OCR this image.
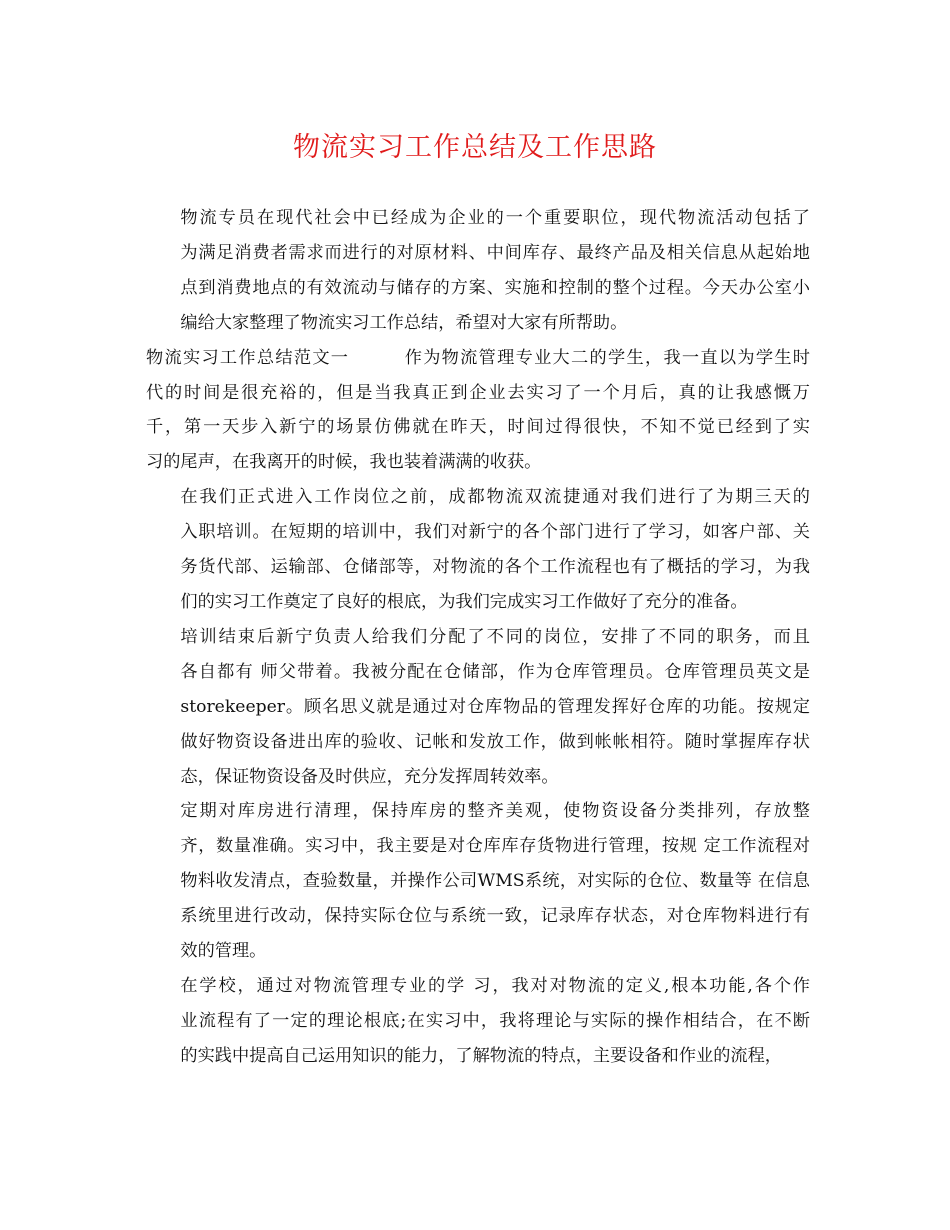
物流实习工作总结及工作思路

物流专员在现代社会中已经成为企业的一个重要职位，现代物流活动包括了
为满足消费者需求而进行的对原材料、中间库存、最终产品及相关信息从起始地
点到消费地点的有效流动与储存的方案、实施和控制的整个过程。今天办公室小
编给大家整理了物流实习工作总结，希望对大家有所帮助。

物流实习工作总结范文一　　　作为物流管理专业大二的学生，我一直以为学生时
代的时间是很充裕的，但是当我真正到企业去实习了一个月后，真的让我感慨万
千，第一天步入新宁的场景仿佛就在昨天，时间过得很快，不知不觉已经到了实
习的尾声，在我离开的时候，我也装着满满的收获。

在我们正式进入工作岗位之前，成都物流双流捷通对我们进行了为期三天的
入职培训。在短期的培训中，我们对新宁的各个部门进行了学习，如客户部、关
务货代部、运输部、仓储部等，对物流的各个工作流程也有了概括的学习，为我
们的实习工作奠定了良好的根底，为我们完成实习工作做好了充分的准备。

培训结束后新宁负责人给我们分配了不同的岗位，安排了不同的职务，而且
各自都有 师父带着。我被分配在仓储部，作为仓库管理员。仓库管理员英文是
storekeeper。顾名思义就是通过对仓库物品的管理发挥好仓库的功能。按规定
做好物资设备进出库的验收、记帐和发放工作，做到帐帐相符。随时掌握库存状
态，保证物资设备及时供应，充分发挥周转效率。

定期对库房进行清理，保持库房的整齐美观，使物资设备分类排列，存放整
齐，数量准确。实习中，我主要是对仓库库存货物进行管理，按规 定工作流程对
物料收发清点，查验数量，并操作公司WMS系统，对实际的仓位、数量等 在信息
系统里进行改动，保持实际仓位与系统一致，记录库存状态，对仓库物料进行有
效的管理。

在学校，通过对物流管理专业的学 习，我对对物流的定义,根本功能,各个作
业流程有了一定的理论根底;在实习中，我将理论与实际的操作相结合，在不断
的实践中提高自己运用知识的能力，了解物流的特点，主要设备和作业的流程，
